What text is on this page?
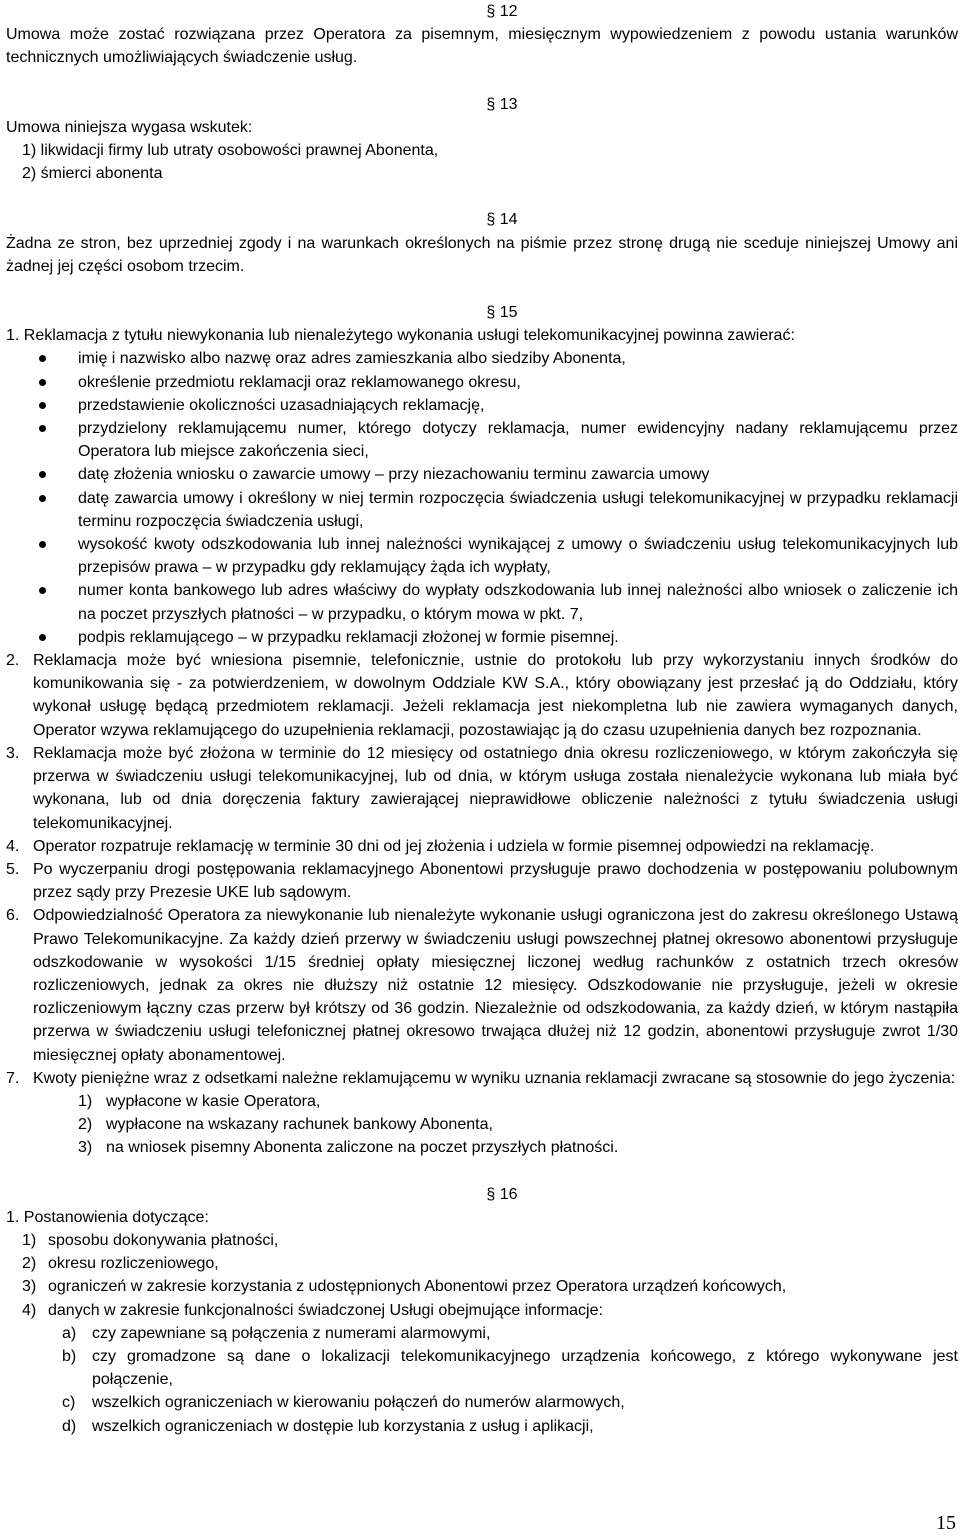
§ 12
Umowa może zostać rozwiązana przez Operatora za pisemnym, miesięcznym wypowiedzeniem z powodu ustania warunków technicznych umożliwiających świadczenie usług.
§ 13
Umowa niniejsza wygasa wskutek:
1) likwidacji firmy lub utraty osobowości prawnej Abonenta,
2) śmierci abonenta
§ 14
Żadna ze stron, bez uprzedniej zgody i na warunkach określonych na piśmie przez stronę drugą nie sceduje niniejszej Umowy ani żadnej jej części osobom trzecim.
§ 15
1. Reklamacja z tytułu niewykonania lub nienależytego wykonania usługi telekomunikacyjnej powinna zawierać:
imię i nazwisko albo nazwę oraz adres zamieszkania albo siedziby Abonenta,
określenie przedmiotu reklamacji oraz reklamowanego okresu,
przedstawienie okoliczności uzasadniających reklamację,
przydzielony reklamującemu numer, którego dotyczy reklamacja, numer ewidencyjny nadany reklamującemu przez Operatora lub miejsce zakończenia sieci,
datę złożenia wniosku o zawarcie umowy – przy niezachowaniu terminu zawarcia umowy
datę zawarcia umowy i określony w niej termin rozpoczęcia świadczenia usługi telekomunikacyjnej w przypadku reklamacji terminu rozpoczęcia świadczenia usługi,
wysokość kwoty odszkodowania lub innej należności wynikającej z umowy o świadczeniu usług telekomunikacyjnych lub przepisów prawa – w przypadku gdy reklamujący żąda ich wypłaty,
numer konta bankowego lub adres właściwy do wypłaty odszkodowania lub innej należności albo wniosek o zaliczenie ich na poczet przyszłych płatności – w przypadku, o którym mowa w pkt. 7,
podpis reklamującego – w przypadku reklamacji złożonej w formie pisemnej.
2. Reklamacja może być wniesiona pisemnie, telefonicznie, ustnie do protokołu lub przy wykorzystaniu innych środków do komunikowania się - za potwierdzeniem, w dowolnym Oddziale KW S.A., który obowiązany jest przesłać ją do Oddziału, który wykonał usługę będącą przedmiotem reklamacji. Jeżeli reklamacja jest niekompletna lub nie zawiera wymaganych danych, Operator wzywa reklamującego do uzupełnienia reklamacji, pozostawiając ją do czasu uzupełnienia danych bez rozpoznania.
3. Reklamacja może być złożona w terminie do 12 miesięcy od ostatniego dnia okresu rozliczeniowego, w którym zakończyła się przerwa w świadczeniu usługi telekomunikacyjnej, lub od dnia, w którym usługa została nienależycie wykonana lub miała być wykonana, lub od dnia doręczenia faktury zawierającej nieprawidłowe obliczenie należności z tytułu świadczenia usługi telekomunikacyjnej.
4. Operator rozpatruje reklamację w terminie 30 dni od jej złożenia i udziela w formie pisemnej odpowiedzi na reklamację.
5. Po wyczerpaniu drogi postępowania reklamacyjnego Abonentowi przysługuje prawo dochodzenia w postępowaniu polubownym przez sądy przy Prezesie UKE lub sądowym.
6. Odpowiedzialność Operatora za niewykonanie lub nienależyte wykonanie usługi ograniczona jest do zakresu określonego Ustawą Prawo Telekomunikacyjne. Za każdy dzień przerwy w świadczeniu usługi powszechnej płatnej okresowo abonentowi przysługuje odszkodowanie w wysokości 1/15 średniej opłaty miesięcznej liczonej według rachunków z ostatnich trzech okresów rozliczeniowych, jednak za okres nie dłuższy niż ostatnie 12 miesięcy. Odszkodowanie nie przysługuje, jeżeli w okresie rozliczeniowym łączny czas przerw był krótszy od 36 godzin. Niezależnie od odszkodowania, za każdy dzień, w którym nastąpiła przerwa w świadczeniu usługi telefonicznej płatnej okresowo trwająca dłużej niż 12 godzin, abonentowi przysługuje zwrot 1/30 miesięcznej opłaty abonamentowej.
7. Kwoty pieniężne wraz z odsetkami należne reklamującemu w wyniku uznania reklamacji zwracane są stosownie do jego życzenia:
1) wypłacone w kasie Operatora,
2) wypłacone na wskazany rachunek bankowy Abonenta,
3) na wniosek pisemny Abonenta zaliczone na poczet przyszłych płatności.
§ 16
1. Postanowienia dotyczące:
1) sposobu dokonywania płatności,
2) okresu rozliczeniowego,
3) ograniczeń w zakresie korzystania z udostępnionych Abonentowi przez Operatora urządzeń końcowych,
4) danych w zakresie funkcjonalności świadczonej Usługi obejmujące informacje:
a) czy zapewniane są połączenia z numerami alarmowymi,
b) czy gromadzone są dane o lokalizacji telekomunikacyjnego urządzenia końcowego, z którego wykonywane jest połączenie,
c)	wszelkich ograniczeniach w kierowaniu połączeń do numerów alarmowych,
d) wszelkich ograniczeniach w dostępie lub korzystania z usług i aplikacji,
15
